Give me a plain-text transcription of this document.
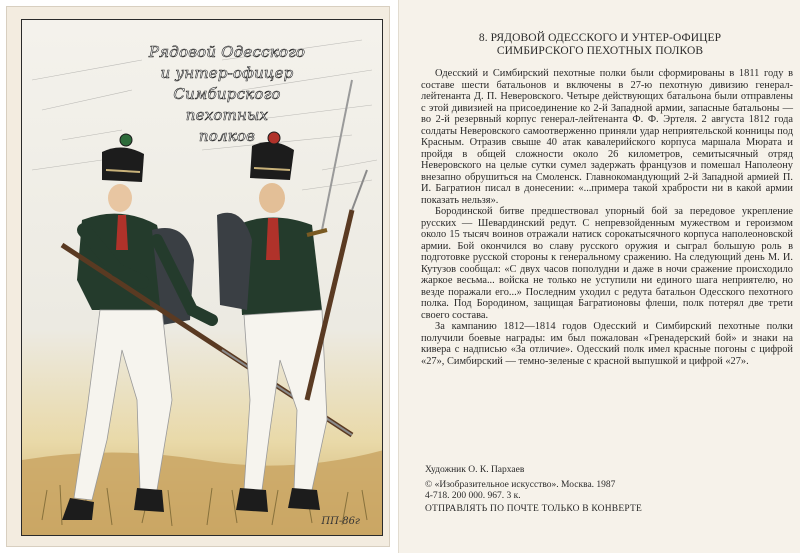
Рядовой Одесского
и унтер-офицер
Симбирского
пехотных
полков
ПП-86г
8. РЯДОВОЙ ОДЕССКОГО И УНТЕР-ОФИЦЕР
СИМБИРСКОГО ПЕХОТНЫХ ПОЛКОВ

Одесский и Симбирский пехотные полки были сформированы в 1811 году в составе шести батальонов и включены в 27-ю пехотную дивизию генерал-лейтенанта Д. П. Неверовского. Четыре действующих батальона были отправлены с этой дивизией на присоединение ко 2-й Западной армии, запасные батальоны — во 2-й резервный корпус генерал-лейтенанта Ф. Ф. Эртеля. 2 августа 1812 года солдаты Неверовского самоотверженно приняли удар неприятельской конницы под Красным. Отразив свыше 40 атак кавалерийского корпуса маршала Мюрата и пройдя в общей сложности около 26 километров, семитысячный отряд Неверовского на целые сутки сумел задержать французов и помешал Наполеону внезапно обрушиться на Смоленск. Главнокомандующий 2-й Западной армией П. И. Багратион писал в донесении: «...примера такой храбрости ни в какой армии показать нельзя».

Бородинской битве предшествовал упорный бой за передовое укрепление русских — Шевардинский редут. С непревзойденным мужеством и героизмом около 15 тысяч воинов отражали натиск сорокатысячного корпуса наполеоновской армии. Бой окончился во славу русского оружия и сыграл большую роль в подготовке русской стороны к генеральному сражению. На следующий день М. И. Кутузов сообщал: «С двух часов пополудни и даже в ночи сражение происходило жаркое весьма... войска не только не уступили ни единого шага неприятелю, но везде поражали его...» Последним уходил с редута батальон Одесского пехотного полка. Под Бородином, защищая Багратионовы флеши, полк потерял две трети своего состава.

За кампанию 1812—1814 годов Одесский и Симбирский пехотные полки получили боевые награды: им был пожалован «Гренадерский бой» и знаки на кивера с надписью «За отличие». Одесский полк имел красные погоны с цифрой «27», Симбирский — темно-зеленые с красной выпушкой и цифрой «27».

Художник О. К. Пархаев
© «Изобразительное искусство». Москва. 1987
4-718. 200 000. 967. 3 к.
ОТПРАВЛЯТЬ ПО ПОЧТЕ ТОЛЬКО В КОНВЕРТЕ
